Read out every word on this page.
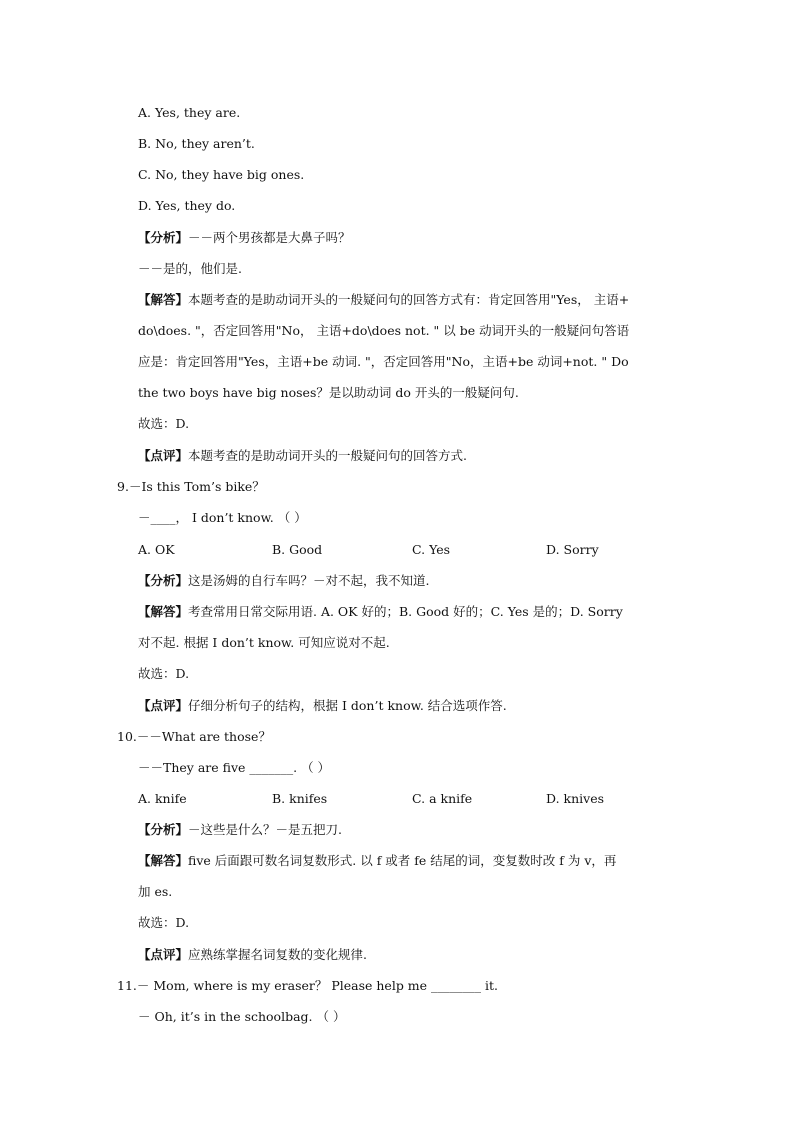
A. Yes, they are.
B. No, they aren’t.
C. No, they have big ones.
D. Yes, they do.
【分析】－－两个男孩都是大鼻子吗？
－－是的，他们是.
【解答】本题考查的是助动词开头的一般疑问句的回答方式有：肯定回答用"Yes， 主语+
do\does. "，否定回答用"No， 主语+do\does not. " 以 be 动词开头的一般疑问句答语
应是：肯定回答用"Yes，主语+be 动词. "，否定回答用"No，主语+be 动词+not. " Do
the two boys have big noses？是以助动词 do 开头的一般疑问句.
故选：D.
【点评】本题考查的是助动词开头的一般疑问句的回答方式.
9.－Is this Tom’s bike？
－____， I don’t know. （ ）
A. OK	B. Good	C. Yes	D. Sorry
【分析】这是汤姆的自行车吗？－对不起，我不知道.
【解答】考查常用日常交际用语. A. OK 好的；B. Good 好的；C. Yes 是的；D. Sorry
对不起. 根据 I don’t know. 可知应说对不起.
故选：D.
【点评】仔细分析句子的结构，根据 I don’t know. 结合选项作答.
10.－－What are those？
－－They are five _______. （ ）
A. knife	B. knifes	C. a knife	D. knives
【分析】－这些是什么？－是五把刀.
【解答】five 后面跟可数名词复数形式. 以 f 或者 fe 结尾的词，变复数时改 f 为 v，再
加 es.
故选：D.
【点评】应熟练掌握名词复数的变化规律.
11.－ Mom, where is my eraser？ Please help me ________ it.
－ Oh, it’s in the schoolbag. （ ）
